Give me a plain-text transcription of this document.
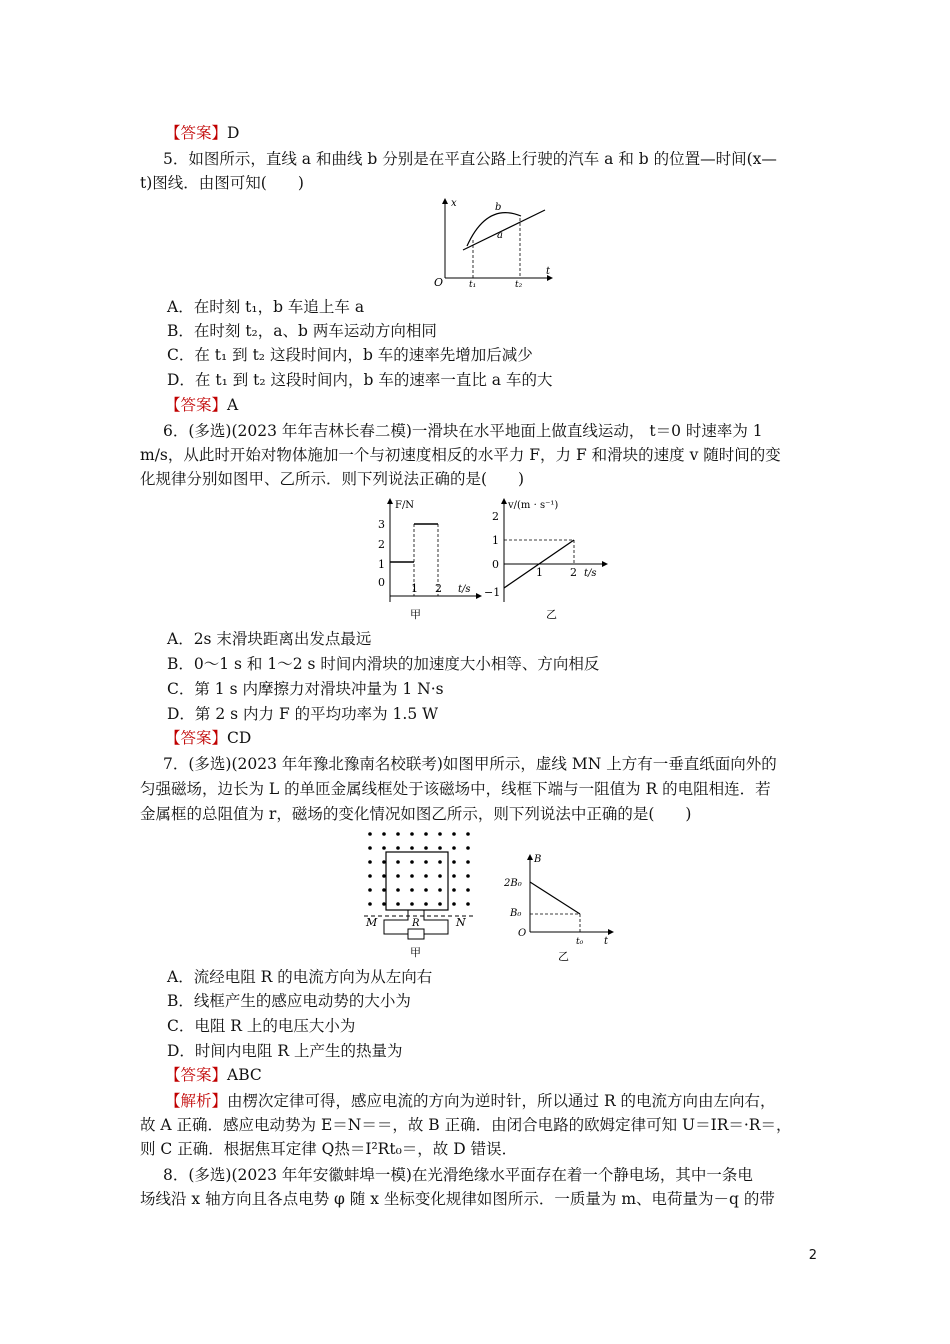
【答案】D
5．如图所示，直线 a 和曲线 b 分别是在平直公路上行驶的汽车 a 和 b 的位置—时间(x—
t)图线．由图可知(　　)
x
t
O	t₁	t₂
b
a
A．在时刻 t₁，b 车追上车 a
B．在时刻 t₂，a、b 两车运动方向相同
C．在 t₁ 到 t₂ 这段时间内，b 车的速率先增加后减少
D．在 t₁ 到 t₂ 这段时间内，b 车的速率一直比 a 车的大
【答案】A
6．(多选)(2023 年年吉林长春二模)一滑块在水平地面上做直线运动， t＝0 时速率为 1
m/s，从此时开始对物体施加一个与初速度相反的水平力 F，力 F 和滑块的速度 v 随时间的变
化规律分别如图甲、乙所示．则下列说法正确的是(　　)
F/N
3
2
1
0 1 2 t/s
甲
v/(m · s⁻¹)
2
1
0
−1
1 2 t/s
乙
A．2s 末滑块距离出发点最远
B．0～1 s 和 1～2 s 时间内滑块的加速度大小相等、方向相反
C．第 1 s 内摩擦力对滑块冲量为 1 N·s
D．第 2 s 内力 F 的平均功率为 1.5 W
【答案】CD
7．(多选)(2023 年年豫北豫南名校联考)如图甲所示，虚线 MN 上方有一垂直纸面向外的
匀强磁场，边长为 L 的单匝金属线框处于该磁场中，线框下端与一阻值为 R 的电阻相连．若
金属框的总阻值为 r，磁场的变化情况如图乙所示，则下列说法中正确的是(　　)
M	N
R
甲
B
2B₀
B₀
O
t₀ t
乙
A．流经电阻 R 的电流方向为从左向右
B．线框产生的感应电动势的大小为
C．电阻 R 上的电压大小为
D．时间内电阻 R 上产生的热量为
【答案】ABC
【解析】由楞次定律可得，感应电流的方向为逆时针，所以通过 R 的电流方向由左向右，
故 A 正确．感应电动势为 E＝N＝＝，故 B 正确．由闭合电路的欧姆定律可知 U＝IR＝·R＝，
则 C 正确．根据焦耳定律 Q热＝I²Rt₀＝，故 D 错误．
8．(多选)(2023 年年安徽蚌埠一模)在光滑绝缘水平面存在着一个静电场，其中一条电
场线沿 x 轴方向且各点电势 φ 随 x 坐标变化规律如图所示．一质量为 m、电荷量为－q 的带
2
